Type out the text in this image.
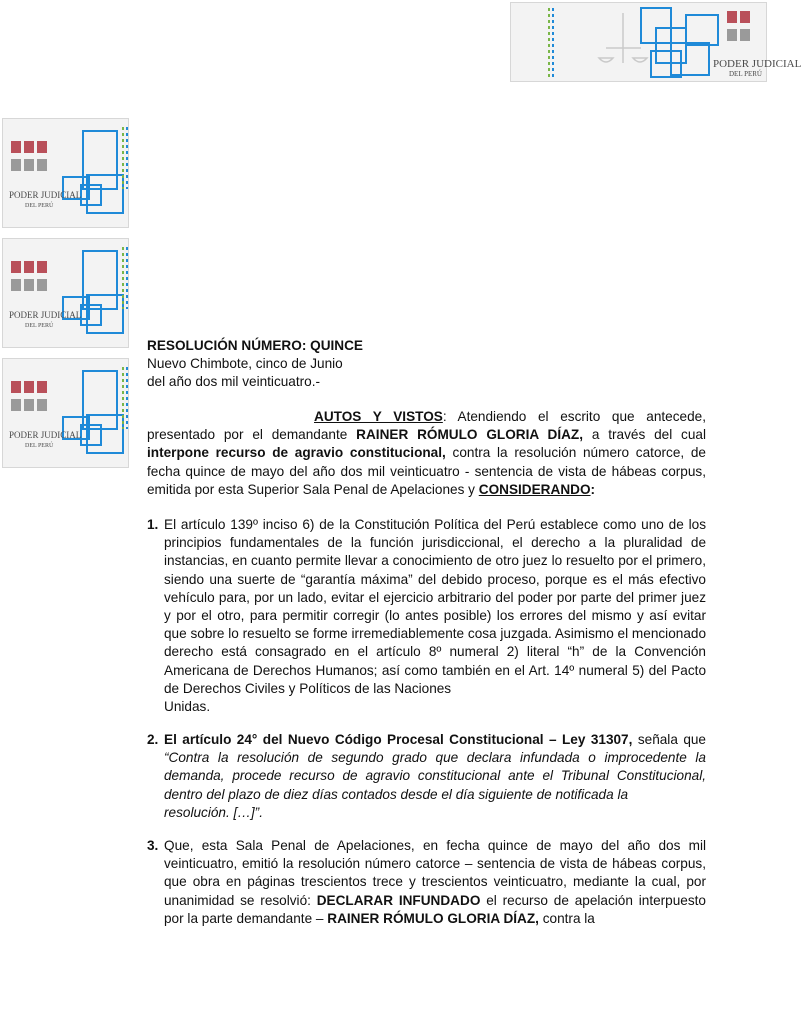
PODER JUDICIAL
DEL PERÚ
PODER JUDICIAL
DEL PERÚ
PODER JUDICIAL
DEL PERÚ
PODER JUDICIAL
DEL PERÚ
RESOLUCIÓN NÚMERO: QUINCE
Nuevo Chimbote, cinco de Junio
del año dos mil veinticuatro.-
AUTOS Y VISTOS: Atendiendo el escrito que antecede, presentado por el demandante RAINER RÓMULO GLORIA DÍAZ, a través del cual interpone recurso de agravio constitucional, contra la resolución número catorce, de fecha quince de mayo del año dos mil veinticuatro - sentencia de vista de hábeas corpus, emitida por esta Superior Sala Penal de Apelaciones y CONSIDERANDO:
1. El artículo 139º inciso 6) de la Constitución Política del Perú establece como uno de los principios fundamentales de la función jurisdiccional, el derecho a la pluralidad de instancias, en cuanto permite llevar a conocimiento de otro juez lo resuelto por el primero, siendo una suerte de “garantía máxima” del debido proceso, porque es el más efectivo vehículo para, por un lado, evitar el ejercicio arbitrario del poder por parte del primer juez y por el otro, para permitir corregir (lo antes posible) los errores del mismo y así evitar que sobre lo resuelto se forme irremediablemente cosa juzgada. Asimismo el mencionado derecho está consagrado en el artículo 8º numeral 2) literal “h” de la Convención Americana de Derechos Humanos; así como también en el Art. 14º numeral 5) del Pacto de Derechos Civiles y Políticos de las Naciones
Unidas.
2. El artículo 24° del Nuevo Código Procesal Constitucional – Ley 31307, señala que “Contra la resolución de segundo grado que declara infundada o improcedente la demanda, procede recurso de agravio constitucional ante el Tribunal Constitucional, dentro del plazo de diez días contados desde el día siguiente de notificada la
resolución. […]”.
3. Que, esta Sala Penal de Apelaciones, en fecha quince de mayo del año dos mil veinticuatro, emitió la resolución número catorce – sentencia de vista de hábeas corpus, que obra en páginas trescientos trece y trescientos veinticuatro, mediante la cual, por unanimidad se resolvió: DECLARAR INFUNDADO el recurso de apelación interpuesto por la parte demandante – RAINER RÓMULO GLORIA DÍAZ, contra la
